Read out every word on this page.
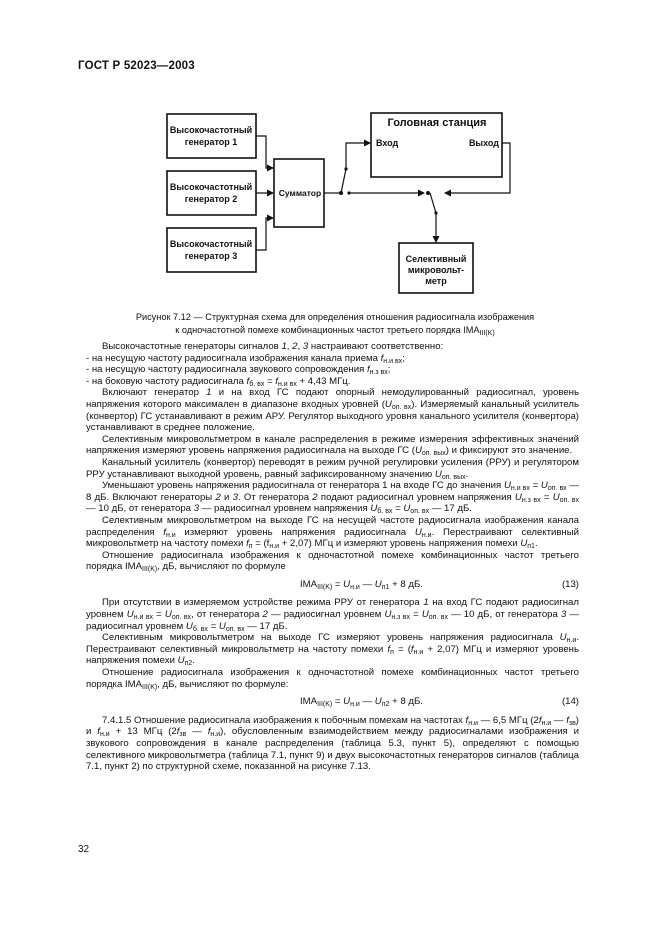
ГОСТ Р 52023—2003
Высокочастотный
генератор 1
Высокочастотный
генератор 2
Высокочастотный
генератор 3
Сумматор
Селективный
микровольт-
метр
Головная станция
Вход	Выход
Рисунок 7.12 — Структурная схема для определения отношения радиосигнала изображения
к одночастотной помехе комбинационных частот третьего порядка $IMA_{III(K)}$

Высокочастотные генераторы сигналов 1, 2, 3 настраивают соответственно:

- на несущую частоту радиосигнала изображения канала приема $f_{н.и вх}$;

- на несущую частоту радиосигнала звукового сопровождения $f_{н.з вх}$;

- на боковую частоту радиосигнала $f_{б. вх} = f_{н.и вх} + 4,43$ МГц.

Включают генератор 1 и на вход ГС подают опорный немодулированный радиосигнал, уровень напряжения которого максимален в диапазоне входных уровней $(U_{оп. вх})$. Измеряемый канальный усилитель (конвертор) ГС устанавливают в режим АРУ. Регулятор выходного уровня канального усилителя (конвертора) устанавливают в среднее положение.

Селективным микровольтметром в канале распределения в режиме измерения эффективных значений напряжения измеряют уровень напряжения радиосигнала на выходе ГС $(U_{оп. вых})$ и фиксируют это значение.

Канальный усилитель (конвертор) переводят в режим ручной регулировки усиления (РРУ) и регулятором РРУ устанавливают выходной уровень, равный зафиксированному значению $U_{оп. вых}$.

Уменьшают уровень напряжения радиосигнала от генератора 1 на входе ГС до значения $U_{н.и вх} = U_{оп. вх}$ — 8 дБ. Включают генераторы 2 и 3. От генератора 2 подают радиосигнал уровнем напряжения $U_{н.з вх} = U_{оп. вх}$ — 10 дБ, от генератора 3 — радиосигнал уровнем напряжения $U_{б. вх} = U_{оп. вх}$ — 17 дБ.

Селективным микровольтметром на выходе ГС на несущей частоте радиосигнала изображения канала распределения $f_{н.и}$ измеряют уровень напряжения радиосигнала $U_{н.и}$. Перестраивают селективный микровольтметр на частоту помехи $f_п = (f_{н.и} + 2,07)$ МГц и измеряют уровень напряжения помехи $U_{п1}$.

Отношение радиосигнала изображения к одночастотной помехе комбинационных частот третьего порядка $IMA_{III(K)}$, дБ, вычисляют по формуле

$IMA_{III(K)} = U_{н.и}$ — $U_{п1} + 8$ дБ.	(13)

При отсутствии в измеряемом устройстве режима РРУ от генератора 1 на вход ГС подают радиосигнал уровнем $U_{н.и вх} = U_{оп. вх}$, от генератора 2 — радиосигнал уровнем $U_{н.з вх} = U_{оп. вх}$ — 10 дБ, от генератора 3 — радиосигнал уровнем $U_{б. вх} = U_{оп. вх}$ — 17 дБ.

Селективным микровольтметром на выходе ГС измеряют уровень напряжения радиосигнала $U_{н.и}$. Перестраивают селективный микровольтметр на частоту помехи $f_п = (f_{н.и} + 2,07)$ МГц и измеряют уровень напряжения помехи $U_{п2}$.

Отношение радиосигнала изображения к одночастотной помехе комбинационных частот третьего порядка $IMA_{III(K)}$, дБ, вычисляют по формуле:

$IMA_{III(K)} = U_{н.и}$ — $U_{п2} + 8$ дБ.	(14)

7.4.1.5 Отношение радиосигнала изображения к побочным помехам на частотах $f_{н.и}$ — 6,5 МГц ($2f_{н.и}$ — $f_{зв}$) и $f_{н.и} + 13$ МГц ($2f_{зв}$ — $f_{н.и}$), обусловленным взаимодействием между радиосигналами изображения и звукового сопровождения в канале распределения (таблица 5.3, пункт 5), определяют с помощью селективного микровольтметра (таблица 7.1, пункт 9) и двух высокочастотных генераторов сигналов (таблица 7.1, пункт 2) по структурной схеме, показанной на рисунке 7.13.

32
